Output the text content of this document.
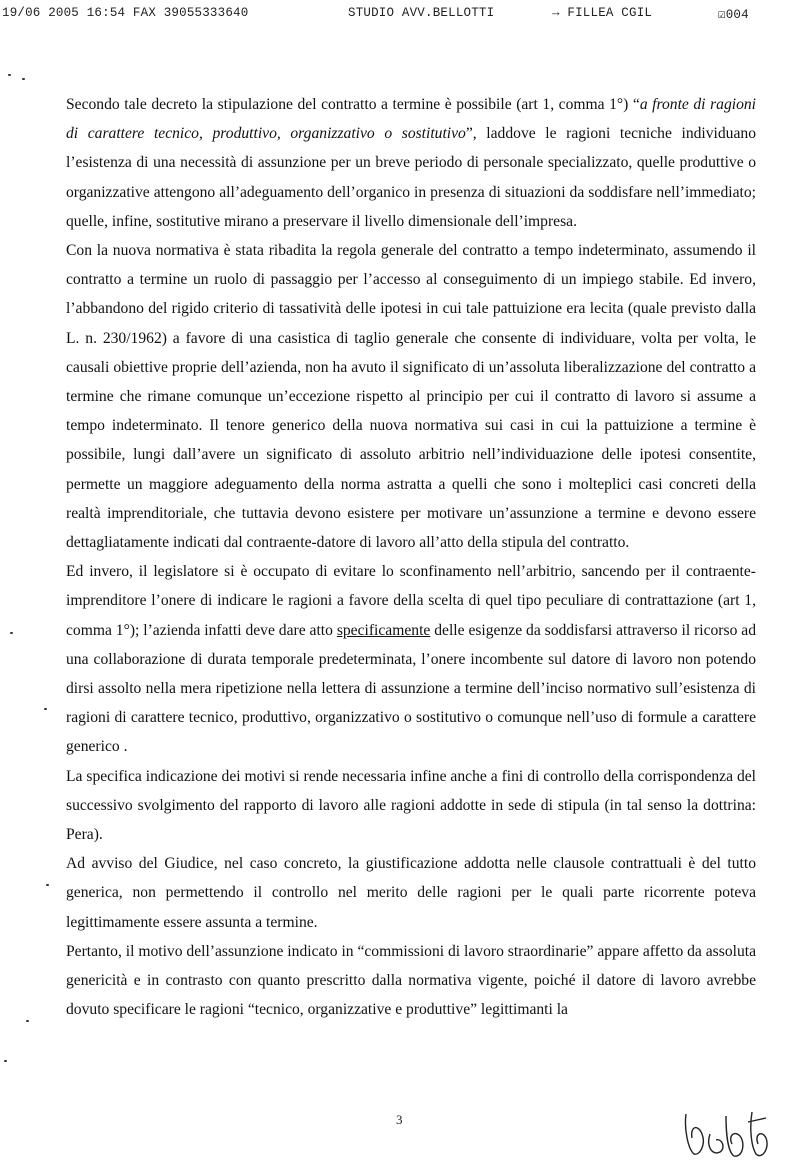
19/06 2005 16:54 FAX 39055333640	STUDIO AVV.BELLOTTI	→ FILLEA CGIL	☑004

Secondo tale decreto la stipulazione del contratto a termine è possibile (art 1, comma 1°) “a fronte di ragioni di carattere tecnico, produttivo, organizzativo o sostitutivo”, laddove le ragioni tecniche individuano l’esistenza di una necessità di assunzione per un breve periodo di personale specializzato, quelle produttive o organizzative attengono all’adeguamento dell’organico in presenza di situazioni da soddisfare nell’immediato; quelle, infine, sostitutive mirano a preservare il livello dimensionale dell’impresa.

Con la nuova normativa è stata ribadita la regola generale del contratto a tempo indeterminato, assumendo il contratto a termine un ruolo di passaggio per l’accesso al conseguimento di un impiego stabile. Ed invero, l’abbandono del rigido criterio di tassatività delle ipotesi in cui tale pattuizione era lecita (quale previsto dalla L. n. 230/1962) a favore di una casistica di taglio generale che consente di individuare, volta per volta, le causali obiettive proprie dell’azienda, non ha avuto il significato di un’assoluta liberalizzazione del contratto a termine che rimane comunque un’eccezione rispetto al principio per cui il contratto di lavoro si assume a tempo indeterminato. Il tenore generico della nuova normativa sui casi in cui la pattuizione a termine è possibile, lungi dall’avere un significato di assoluto arbitrio nell’individuazione delle ipotesi consentite, permette un maggiore adeguamento della norma astratta a quelli che sono i molteplici casi concreti della realtà imprenditoriale, che tuttavia devono esistere per motivare un’assunzione a termine e devono essere dettagliatamente indicati dal contraente-datore di lavoro all’atto della stipula del contratto.

Ed invero, il legislatore si è occupato di evitare lo sconfinamento nell’arbitrio, sancendo per il contraente-imprenditore l’onere di indicare le ragioni a favore della scelta di quel tipo peculiare di contrattazione (art 1, comma 1°); l’azienda infatti deve dare atto specificamente delle esigenze da soddisfarsi attraverso il ricorso ad una collaborazione di durata temporale predeterminata, l’onere incombente sul datore di lavoro non potendo dirsi assolto nella mera ripetizione nella lettera di assunzione a termine dell’inciso normativo sull’esistenza di ragioni di carattere tecnico, produttivo, organizzativo o sostitutivo o comunque nell’uso di formule a carattere generico .

La specifica indicazione dei motivi si rende necessaria infine anche a fini di controllo della corrispondenza del successivo svolgimento del rapporto di lavoro alle ragioni addotte in sede di stipula (in tal senso la dottrina: Pera).

Ad avviso del Giudice, nel caso concreto, la giustificazione addotta nelle clausole contrattuali è del tutto generica, non permettendo il controllo nel merito delle ragioni per le quali parte ricorrente poteva legittimamente essere assunta a termine.

Pertanto, il motivo dell’assunzione indicato in “commissioni di lavoro straordinarie” appare affetto da assoluta genericità e in contrasto con quanto prescritto dalla normativa vigente, poiché il datore di lavoro avrebbe dovuto specificare le ragioni “tecnico, organizzative e produttive” legittimanti la

3
